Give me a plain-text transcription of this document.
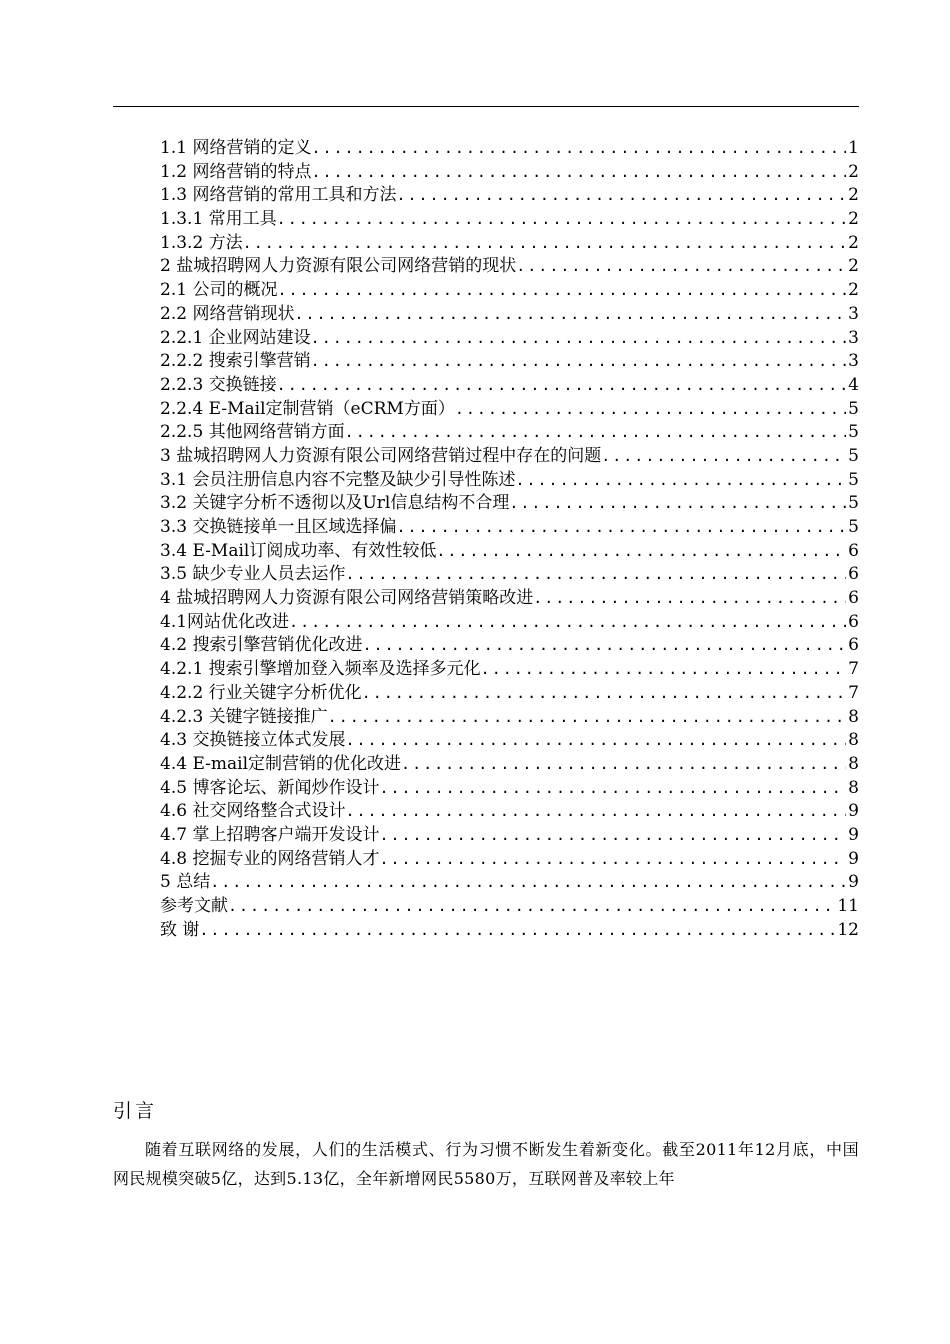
1.1 网络营销的定义 .....	1
1.2 网络营销的特点 .....	2
1.3 网络营销的常用工具和方法 .....	2
1.3.1 常用工具 .....	2
1.3.2 方法 .....	2
2 盐城招聘网人力资源有限公司网络营销的现状 .....	2
2.1 公司的概况 .....	2
2.2 网络营销现状 .....	3
2.2.1 企业网站建设 .....	3
2.2.2 搜索引擎营销 .....	3
2.2.3 交换链接 .....	4
2.2.4 E-Mail定制营销（eCRM方面） .....	5
2.2.5 其他网络营销方面 .....	5
3 盐城招聘网人力资源有限公司网络营销过程中存在的问题 .....	5
3.1 会员注册信息内容不完整及缺少引导性陈述 .....	5
3.2 关键字分析不透彻以及Url信息结构不合理 .....	5
3.3 交换链接单一且区域选择偏 .....	5
3.4 E-Mail订阅成功率、有效性较低 .....	6
3.5 缺少专业人员去运作 .....	6
4 盐城招聘网人力资源有限公司网络营销策略改进 .....	6
4.1网站优化改进 .....	6
4.2 搜索引擎营销优化改进 .....	6
4.2.1 搜索引擎增加登入频率及选择多元化 .....	7
4.2.2 行业关键字分析优化 .....	7
4.2.3 关键字链接推广 .....	8
4.3 交换链接立体式发展 .....	8
4.4 E-mail定制营销的优化改进 .....	8
4.5 博客论坛、新闻炒作设计 .....	8
4.6 社交网络整合式设计 .....	9
4.7 掌上招聘客户端开发设计 .....	9
4.8 挖掘专业的网络营销人才 .....	9
5 总结 .....	9
参考文献 .....	11
致 谢 .....	12
引言
随着互联网络的发展，人们的生活模式、行为习惯不断发生着新变化。截至2011年12月底，中国网民规模突破5亿，达到5.13亿，全年新增网民5580万，互联网普及率较上年
